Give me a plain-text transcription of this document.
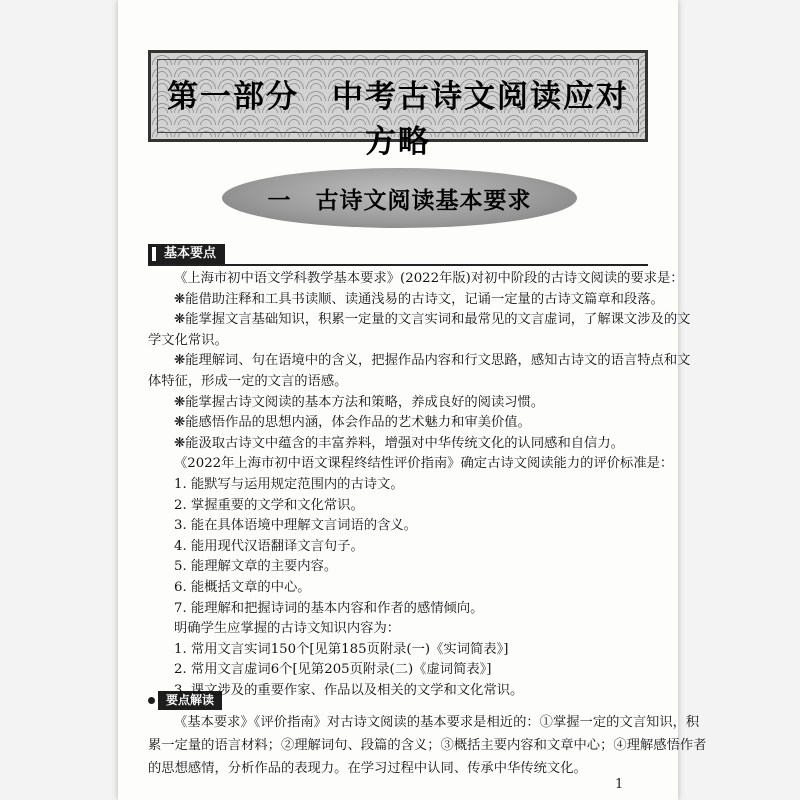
第一部分　中考古诗文阅读应对方略
一　古诗文阅读基本要求
基本要点
《上海市初中语文学科教学基本要求》(2022年版)对初中阶段的古诗文阅读的要求是：
❋能借助注释和工具书读顺、读通浅易的古诗文，记诵一定量的古诗文篇章和段落。
❋能掌握文言基础知识，积累一定量的文言实词和最常见的文言虚词，了解课文涉及的文
学文化常识。
❋能理解词、句在语境中的含义，把握作品内容和行文思路，感知古诗文的语言特点和文
体特征，形成一定的文言的语感。
❋能掌握古诗文阅读的基本方法和策略，养成良好的阅读习惯。
❋能感悟作品的思想内涵，体会作品的艺术魅力和审美价值。
❋能汲取古诗文中蕴含的丰富养料，增强对中华传统文化的认同感和自信力。
《2022年上海市初中语文课程终结性评价指南》确定古诗文阅读能力的评价标准是：
1. 能默写与运用规定范围内的古诗文。
2. 掌握重要的文学和文化常识。
3. 能在具体语境中理解文言词语的含义。
4. 能用现代汉语翻译文言句子。
5. 能理解文章的主要内容。
6. 能概括文章的中心。
7. 能理解和把握诗词的基本内容和作者的感情倾向。
明确学生应掌握的古诗文知识内容为：
要点解读
《基本要求》《评价指南》对古诗文阅读的基本要求是相近的：①掌握一定的文言知识，积
累一定量的语言材料；②理解词句、段篇的含义；③概括主要内容和文章中心；④理解感悟作者
的思想感情，分析作品的表现力。在学习过程中认同、传承中华传统文化。
1
1. 常用文言实词150个[见第185页附录(一)《实词简表》]
2. 常用文言虚词6个[见第205页附录(二)《虚词简表》]
3. 课文涉及的重要作家、作品以及相关的文学和文化常识。
